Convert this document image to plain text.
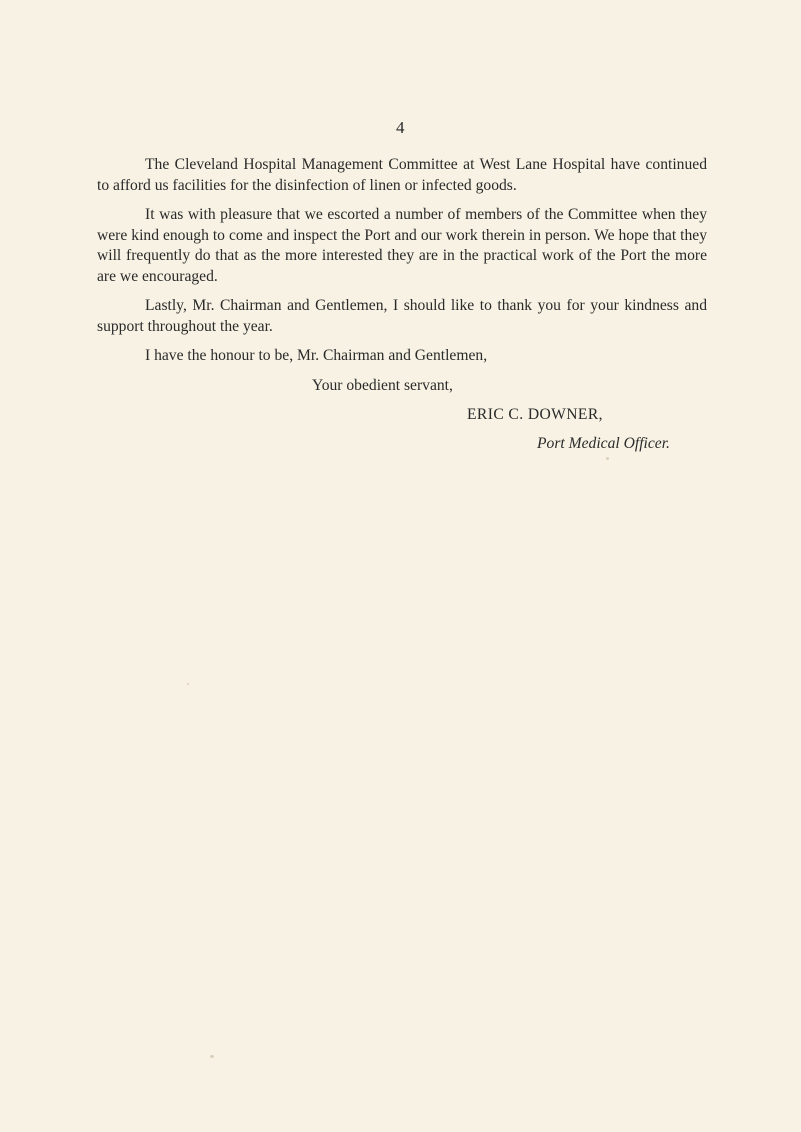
4

The Cleveland Hospital Management Committee at West Lane Hospital have continued to afford us facilities for the disinfection of linen or infected goods.

It was with pleasure that we escorted a number of members of the Committee when they were kind enough to come and inspect the Port and our work therein in person. We hope that they will frequently do that as the more interested they are in the practical work of the Port the more are we encouraged.

Lastly, Mr. Chairman and Gentlemen, I should like to thank you for your kindness and support throughout the year.

I have the honour to be, Mr. Chairman and Gentlemen,

Your obedient servant,

ERIC C. DOWNER,

Port Medical Officer.
